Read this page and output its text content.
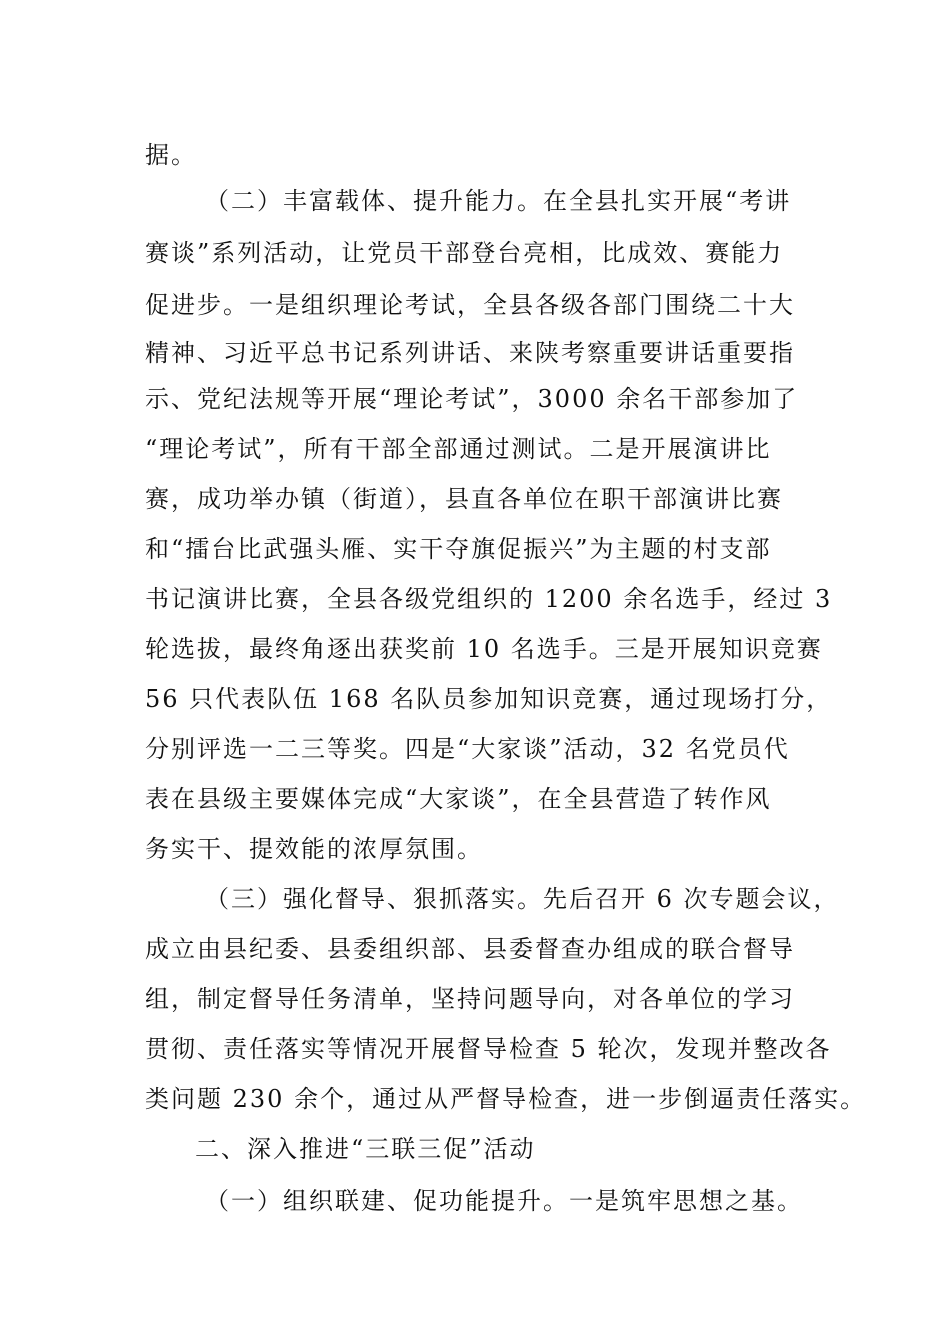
据。
（二）丰富载体、提升能力。在全县扎实开展“考讲
赛谈”系列活动，让党员干部登台亮相，比成效、赛能力
促进步。一是组织理论考试，全县各级各部门围绕二十大
精神、习近平总书记系列讲话、来陕考察重要讲话重要指
示、党纪法规等开展“理论考试”，3000 余名干部参加了
“理论考试”，所有干部全部通过测试。二是开展演讲比
赛，成功举办镇（街道），县直各单位在职干部演讲比赛
和“擂台比武强头雁、实干夺旗促振兴”为主题的村支部
书记演讲比赛，全县各级党组织的 1200 余名选手，经过 3
轮选拔，最终角逐出获奖前 10 名选手。三是开展知识竞赛
56 只代表队伍 168 名队员参加知识竞赛，通过现场打分，
分别评选一二三等奖。四是“大家谈”活动，32 名党员代
表在县级主要媒体完成“大家谈”，在全县营造了转作风
务实干、提效能的浓厚氛围。
（三）强化督导、狠抓落实。先后召开 6 次专题会议，
成立由县纪委、县委组织部、县委督查办组成的联合督导
组，制定督导任务清单，坚持问题导向，对各单位的学习
贯彻、责任落实等情况开展督导检查 5 轮次，发现并整改各
类问题 230 余个，通过从严督导检查，进一步倒逼责任落实。
二、深入推进“三联三促”活动
（一）组织联建、促功能提升。一是筑牢思想之基。
